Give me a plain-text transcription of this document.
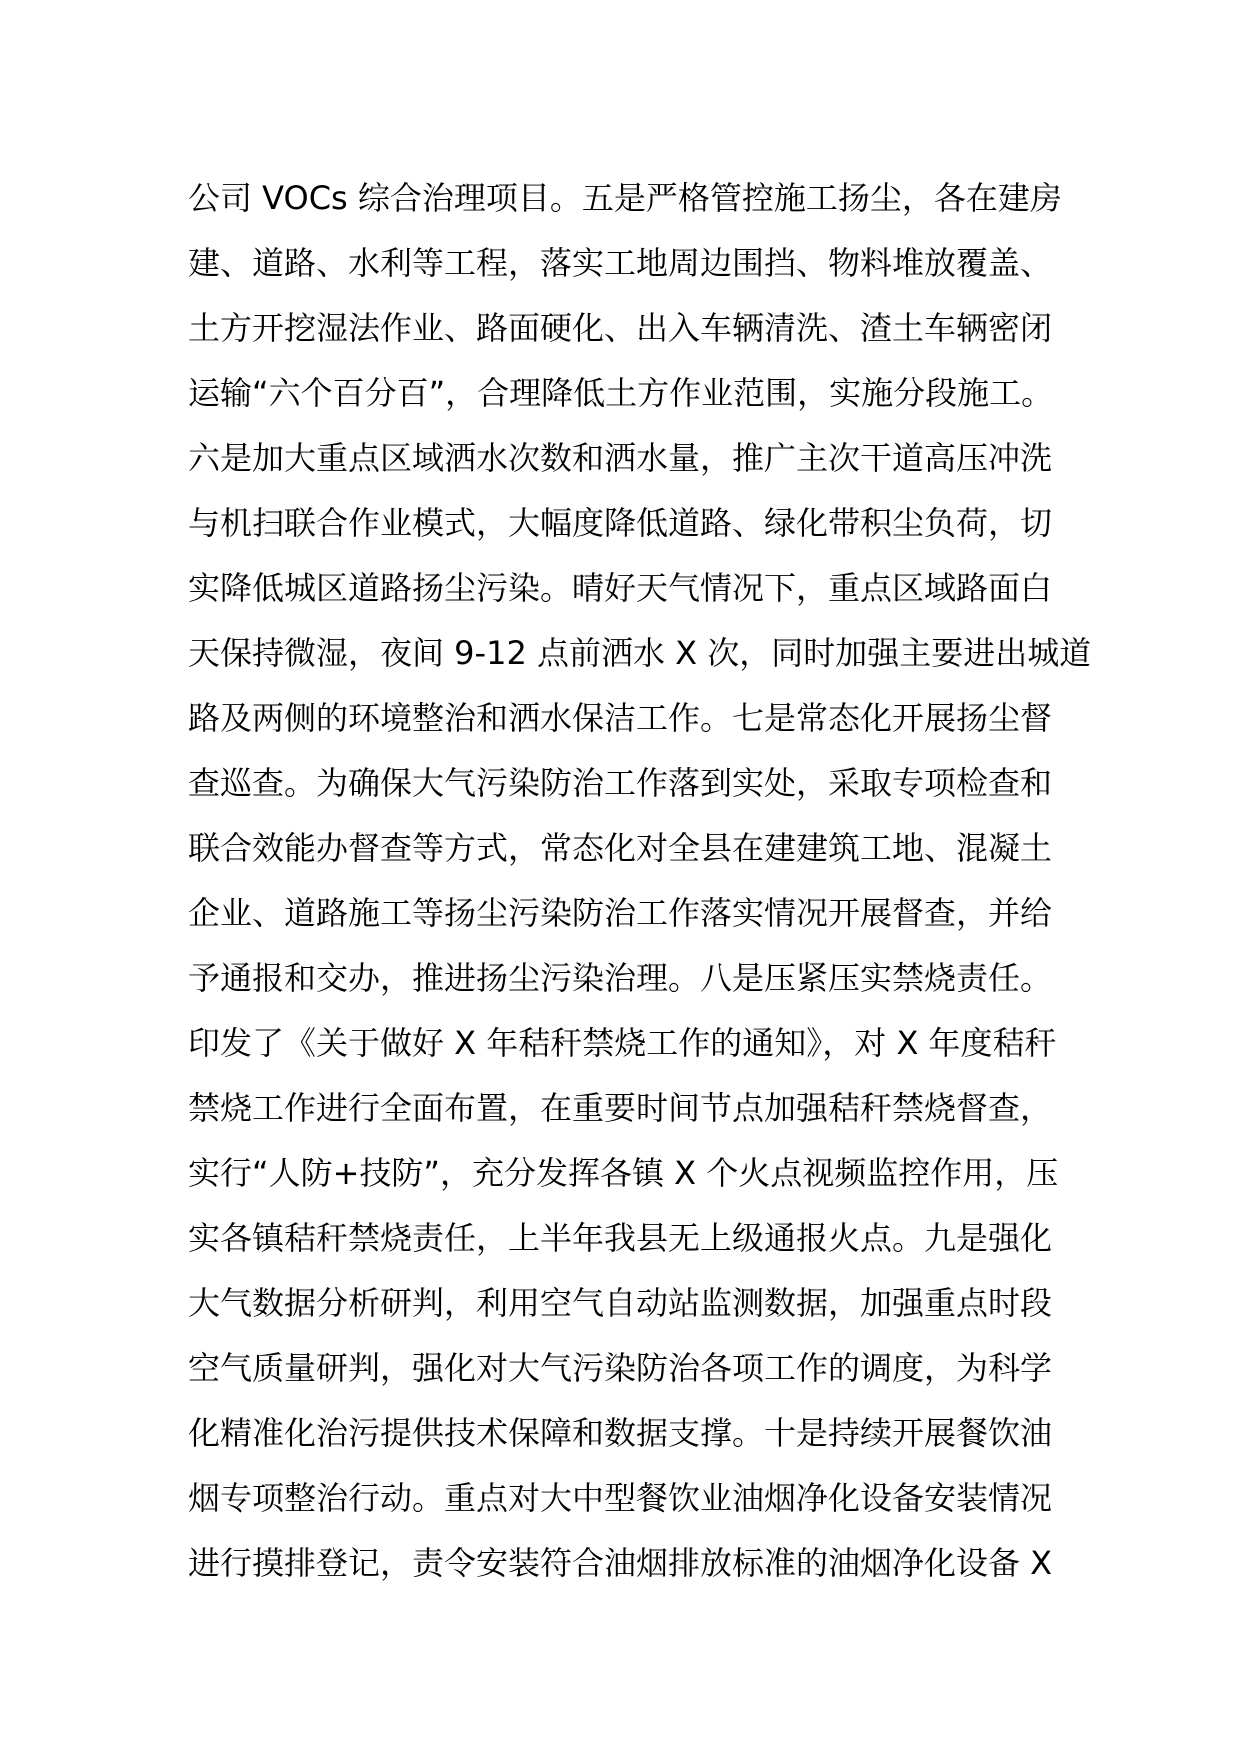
公司 VOCs 综合治理项目。五是严格管控施工扬尘，各在建房
建、道路、水利等工程，落实工地周边围挡、物料堆放覆盖、
土方开挖湿法作业、路面硬化、出入车辆清洗、渣土车辆密闭
运输“六个百分百”，合理降低土方作业范围，实施分段施工。
六是加大重点区域洒水次数和洒水量，推广主次干道高压冲洗
与机扫联合作业模式，大幅度降低道路、绿化带积尘负荷，切
实降低城区道路扬尘污染。晴好天气情况下，重点区域路面白
天保持微湿，夜间 9-12 点前洒水 X 次，同时加强主要进出城道
路及两侧的环境整治和洒水保洁工作。七是常态化开展扬尘督
查巡查。为确保大气污染防治工作落到实处，采取专项检查和
联合效能办督查等方式，常态化对全县在建建筑工地、混凝土
企业、道路施工等扬尘污染防治工作落实情况开展督查，并给
予通报和交办，推进扬尘污染治理。八是压紧压实禁烧责任。
印发了《关于做好 X 年秸秆禁烧工作的通知》，对 X 年度秸秆
禁烧工作进行全面布置，在重要时间节点加强秸秆禁烧督查，
实行“人防+技防”，充分发挥各镇 X 个火点视频监控作用，压
实各镇秸秆禁烧责任，上半年我县无上级通报火点。九是强化
大气数据分析研判，利用空气自动站监测数据，加强重点时段
空气质量研判，强化对大气污染防治各项工作的调度，为科学
化精准化治污提供技术保障和数据支撑。十是持续开展餐饮油
烟专项整治行动。重点对大中型餐饮业油烟净化设备安装情况
进行摸排登记，责令安装符合油烟排放标准的油烟净化设备 X
